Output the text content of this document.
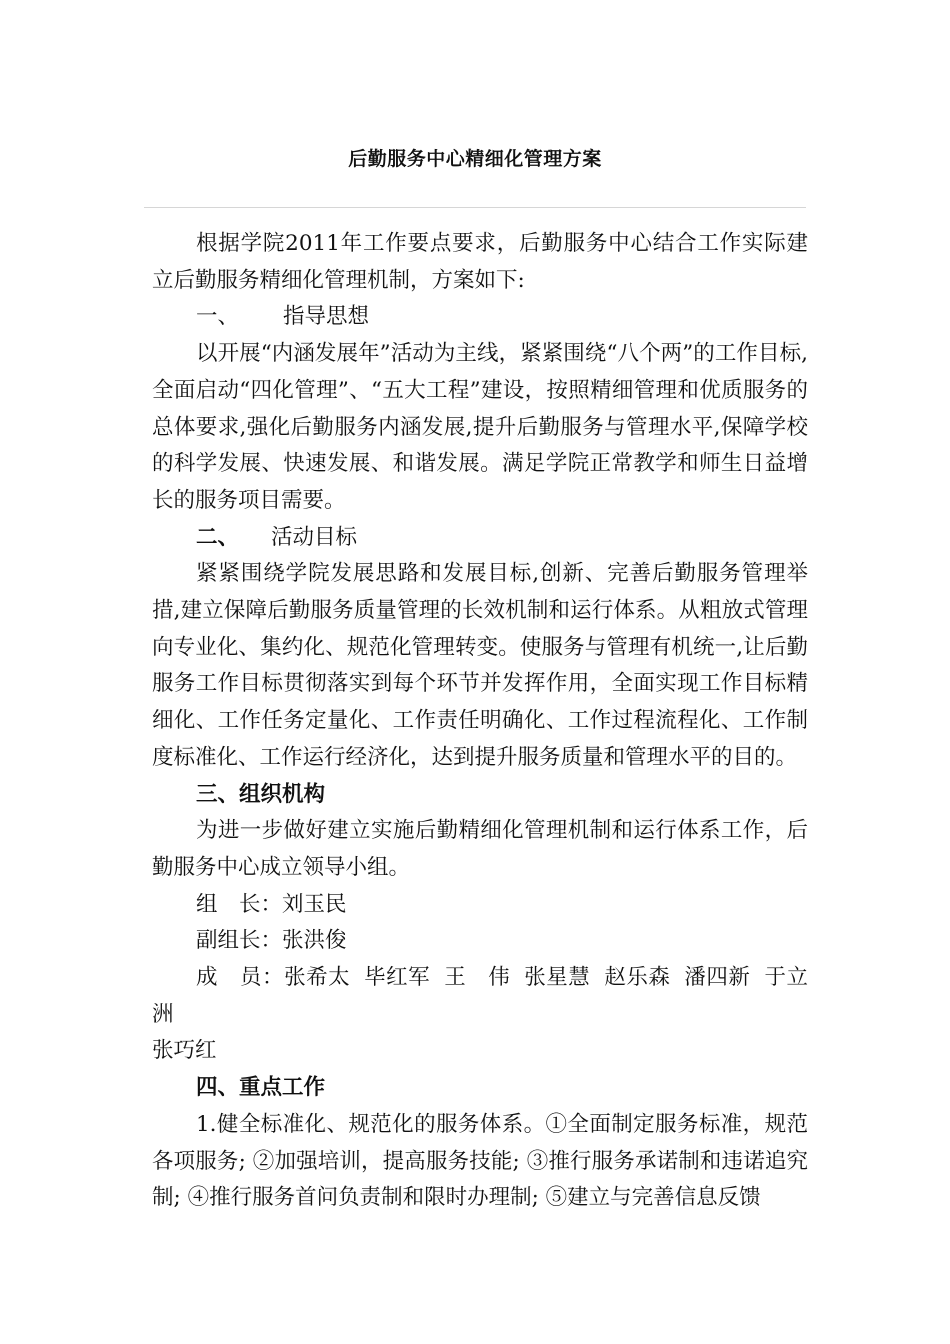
后勤服务中心精细化管理方案

根据学院2011年工作要点要求，后勤服务中心结合工作实际建立后勤服务精细化管理机制，方案如下:

一、 指导思想

以开展“内涵发展年”活动为主线，紧紧围绕“八个两”的工作目标,全面启动“四化管理”、“五大工程”建设，按照精细管理和优质服务的总体要求,强化后勤服务内涵发展,提升后勤服务与管理水平,保障学校的科学发展、快速发展、和谐发展。满足学院正常教学和师生日益增长的服务项目需要。

二、 活动目标

紧紧围绕学院发展思路和发展目标,创新、完善后勤服务管理举措,建立保障后勤服务质量管理的长效机制和运行体系。从粗放式管理向专业化、集约化、规范化管理转变。使服务与管理有机统一,让后勤服务工作目标贯彻落实到每个环节并发挥作用，全面实现工作目标精细化、工作任务定量化、工作责任明确化、工作过程流程化、工作制度标准化、工作运行经济化，达到提升服务质量和管理水平的目的。

三、组织机构

为进一步做好建立实施后勤精细化管理机制和运行体系工作，后勤服务中心成立领导小组。

组　长：刘玉民

副组长：张洪俊

成　员：张希太 毕红军 王　伟 张星慧 赵乐森 潘四新 于立洲
张巧红

四、重点工作

1.健全标准化、规范化的服务体系。①全面制定服务标准，规范各项服务; ②加强培训，提高服务技能; ③推行服务承诺制和违诺追究制; ④推行服务首问负责制和限时办理制; ⑤建立与完善信息反馈
